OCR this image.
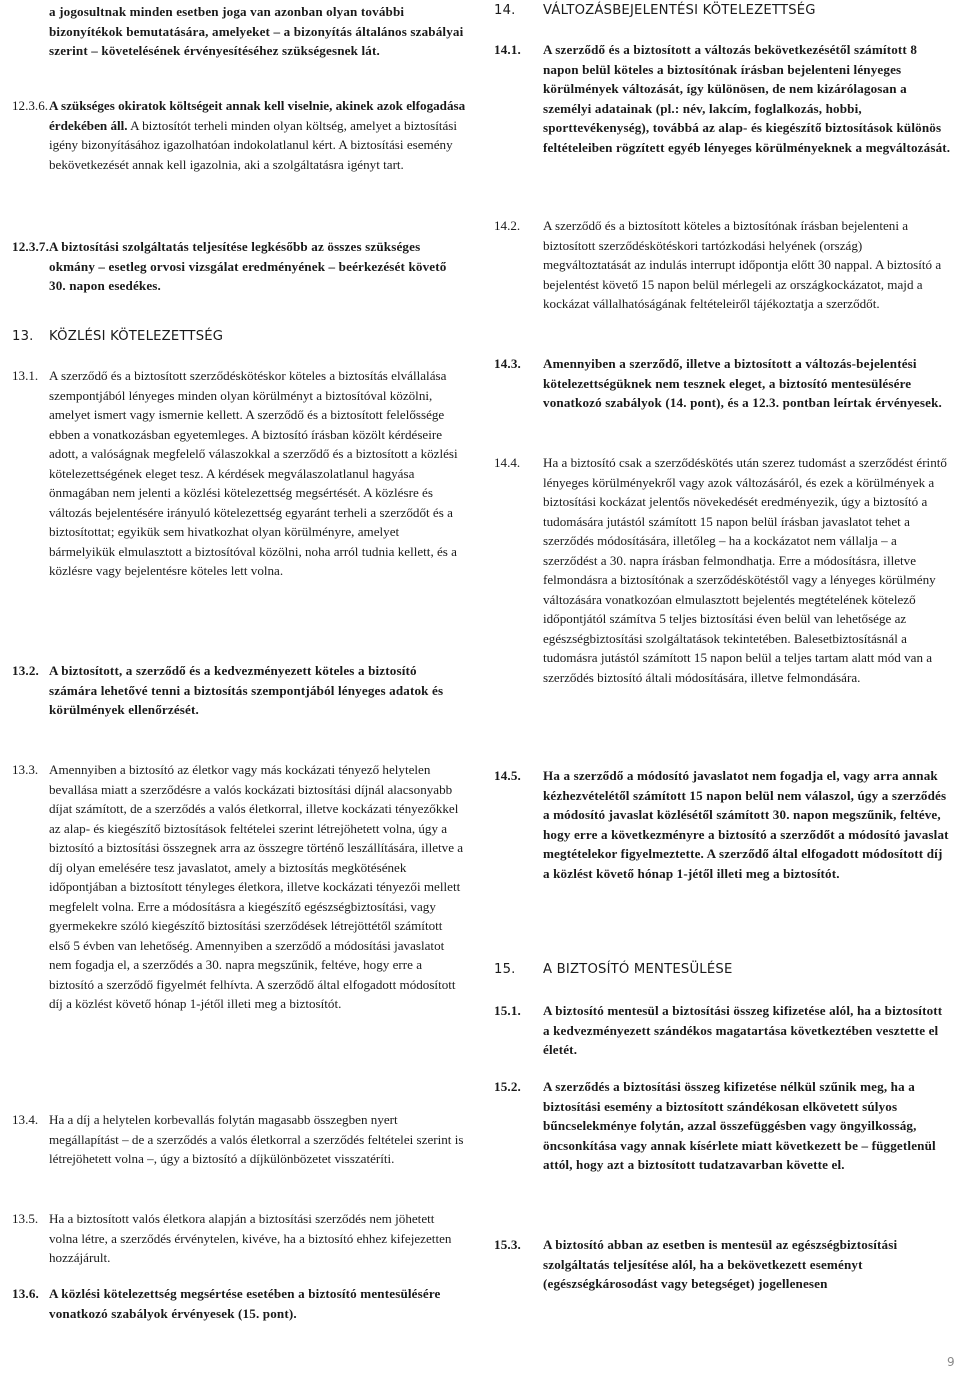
a jogosultnak minden esetben joga van azonban olyan további bizonyítékok bemutatására, amelyeket – a bizonyítás általános szabályai szerint – követelésének érvényesítéséhez szükségesnek lát.
12.3.6. A szükséges okiratok költségeit annak kell viselnie, akinek azok elfogadása érdekében áll. A biztosítót terheli minden olyan költség, amelyet a biztosítási igény bizonyításához igazolhatóan indokolatlanul kért. A biztosítási esemény bekövetkezését annak kell igazolnia, aki a szolgáltatásra igényt tart.
12.3.7. A biztosítási szolgáltatás teljesítése legkésőbb az összes szükséges okmány – esetleg orvosi vizsgálat eredményének – beérkezését követő 30. napon esedékes.
13. KÖZLÉSI KÖTELEZETTSÉG
13.1. A szerződő és a biztosított szerződéskötéskor köteles a biztosítás elvállalása szempontjából lényeges minden olyan körülményt a biztosítóval közölni, amelyet ismert vagy ismernie kellett. A szerződő és a biztosított felelőssége ebben a vonatkozásban egyetemleges. A biztosító írásban közölt kérdéseire adott, a valóságnak megfelelő válaszokkal a szerződő és a biztosított a közlési kötelezettségének eleget tesz. A kérdések megválaszolatlanul hagyása önmagában nem jelenti a közlési kötelezettség megsértését. A közlésre és változás bejelentésére irányuló kötelezettség egyaránt terheli a szerződőt és a biztosítottat; egyikük sem hivatkozhat olyan körülményre, amelyet bármelyikük elmulasztott a biztosítóval közölni, noha arról tudnia kellett, és a közlésre vagy bejelentésre köteles lett volna.
13.2. A biztosított, a szerződő és a kedvezményezett köteles a biztosító számára lehetővé tenni a biztosítás szempontjából lényeges adatok és körülmények ellenőrzését.
13.3. Amennyiben a biztosító az életkor vagy más kockázati tényező helytelen bevallása miatt a szerződésre a valós kockázati biztosítási díjnál alacsonyabb díjat számított, de a szerződés a valós életkorral, illetve kockázati tényezőkkel az alap- és kiegészítő biztosítások feltételei szerint létrejöhetett volna, úgy a biztosító a biztosítási összegnek arra az összegre történő leszállítására, illetve a díj olyan emelésére tesz javaslatot, amely a biztosítás megkötésének időpontjában a biztosított tényleges életkora, illetve kockázati tényezői mellett megfelelt volna. Erre a módosításra a kiegészítő egészségbiztosítási, vagy gyermekekre szóló kiegészítő biztosítási szerződések létrejöttétől számított első 5 évben van lehetőség. Amennyiben a szerződő a módosítási javaslatot nem fogadja el, a szerződés a 30. napra megszűnik, feltéve, hogy erre a biztosító a szerződő figyelmét felhívta. A szerződő által elfogadott módosított díj a közlést követő hónap 1-jétől illeti meg a biztosítót.
13.4. Ha a díj a helytelen korbevallás folytán magasabb összegben nyert megállapítást – de a szerződés a valós életkorral a szerződés feltételei szerint is létrejöhetett volna –, úgy a biztosító a díjkülönbözetet visszatéríti.
13.5. Ha a biztosított valós életkora alapján a biztosítási szerződés nem jöhetett volna létre, a szerződés érvénytelen, kivéve, ha a biztosító ehhez kifejezetten hozzájárult.
13.6. A közlési kötelezettség megsértése esetében a biztosító mentesülésére vonatkozó szabályok érvényesek (15. pont).
14. VÁLTOZÁSBEJELENTÉSI KÖTELEZETTSÉG
14.1. A szerződő és a biztosított a változás bekövetkezésétől számított 8 napon belül köteles a biztosítónak írásban bejelenteni lényeges körülmények változását, így különösen, de nem kizárólagosan a személyi adatainak (pl.: név, lakcím, foglalkozás, hobbi, sporttevékenység), továbbá az alap- és kiegészítő biztosítások különös feltételeiben rögzített egyéb lényeges körülményeknek a megváltozását.
14.2. A szerződő és a biztosított köteles a biztosítónak írásban bejelenteni a biztosított szerződéskötéskori tartózkodási helyének (ország) megváltoztatását az indulás interrupt időpontja előtt 30 nappal. A biztosító a bejelentést követő 15 napon belül mérlegeli az országkockázatot, majd a kockázat vállalhatóságának feltételeiről tájékoztatja a szerződőt.
14.3. Amennyiben a szerződő, illetve a biztosított a változás-bejelentési kötelezettségüknek nem tesznek eleget, a biztosító mentesülésére vonatkozó szabályok (14. pont), és a 12.3. pontban leírtak érvényesek.
14.4. Ha a biztosító csak a szerződéskötés után szerez tudomást a szerződést érintő lényeges körülményekről vagy azok változásáról, és ezek a körülmények a biztosítási kockázat jelentős növekedését eredményezik, úgy a biztosító a tudomására jutástól számított 15 napon belül írásban javaslatot tehet a szerződés módosítására, illetőleg – ha a kockázatot nem vállalja – a szerződést a 30. napra írásban felmondhatja. Erre a módosításra, illetve felmondásra a biztosítónak a szerződéskötéstől vagy a lényeges körülmény változására vonatkozóan elmulasztott bejelentés megtételének kötelező időpontjától számítva 5 teljes biztosítási éven belül van lehetősége az egészségbiztosítási szolgáltatások tekintetében. Balesetbiztosításnál a tudomásra jutástól számított 15 napon belül a teljes tartam alatt mód van a szerződés biztosító általi módosítására, illetve felmondására.
14.5. Ha a szerződő a módosító javaslatot nem fogadja el, vagy arra annak kézhezvételétől számított 15 napon belül nem válaszol, úgy a szerződés a módosító javaslat közlésétől számított 30. napon megszűnik, feltéve, hogy erre a következményre a biztosító a szerződőt a módosító javaslat megtételekor figyelmeztette. A szerződő által elfogadott módosított díj a közlést követő hónap 1-jétől illeti meg a biztosítót.
15. A BIZTOSÍTÓ MENTESÜLÉSE
15.1. A biztosító mentesül a biztosítási összeg kifizetése alól, ha a biztosított a kedvezményezett szándékos magatartása következtében vesztette el életét.
15.2. A szerződés a biztosítási összeg kifizetése nélkül szűnik meg, ha a biztosítási esemény a biztosított szándékosan elkövetett súlyos bűncselekménye folytán, azzal összefüggésben vagy öngyilkosság, öncsonkítása vagy annak kísérlete miatt következett be – függetlenül attól, hogy azt a biztosított tudatzavarban követte el.
15.3. A biztosító abban az esetben is mentesül az egészségbiztosítási szolgáltatás teljesítése alól, ha a bekövetkezett eseményt (egészségkárosodást vagy betegséget) jogellenesen
9
